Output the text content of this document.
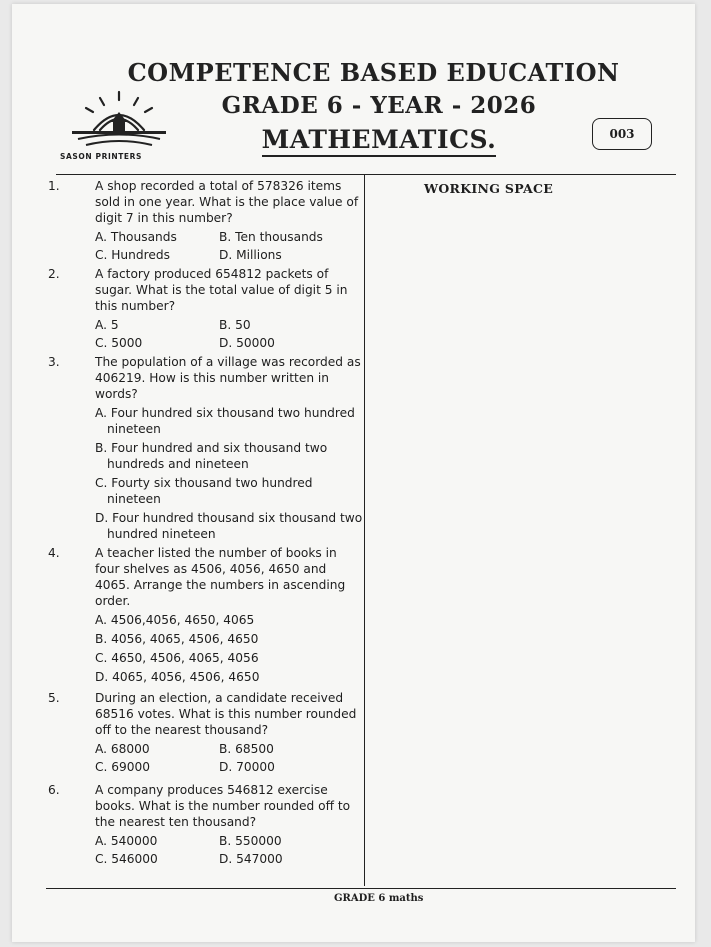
COMPETENCE BASED EDUCATION
GRADE 6 - YEAR - 2026
MATHEMATICS.
SASON PRINTERS
003
WORKING SPACE
1.	A shop recorded a total of 578326 items sold in one year. What is the place value of digit 7 in this number?
A. Thousands	B. Ten thousands
C. Hundreds	D. Millions
2.	A factory produced 654812 packets of sugar. What is the total value of digit 5 in this number?
A. 5	B. 50
C. 5000	D. 50000
3.	The population of a village was recorded as 406219. How is this number written in words?
A. Four hundred six thousand two hundred nineteen
B. Four hundred and six thousand two hundreds and nineteen
C. Fourty six thousand two hundred nineteen
D. Four hundred thousand six thousand two hundred nineteen
4.	A teacher listed the number of books in four shelves as 4506, 4056, 4650 and 4065. Arrange the numbers in ascending order.
A. 4506,4056, 4650, 4065
B. 4056, 4065, 4506, 4650
C. 4650, 4506, 4065, 4056
D. 4065, 4056, 4506, 4650
5.	During an election, a candidate received 68516 votes. What is this number rounded off to the nearest thousand?
A. 68000	B. 68500
C. 69000	D. 70000
6.	A company produces 546812 exercise books. What is the number rounded off to the nearest ten thousand?
A. 540000	B. 550000
C. 546000	D. 547000
GRADE 6 maths
